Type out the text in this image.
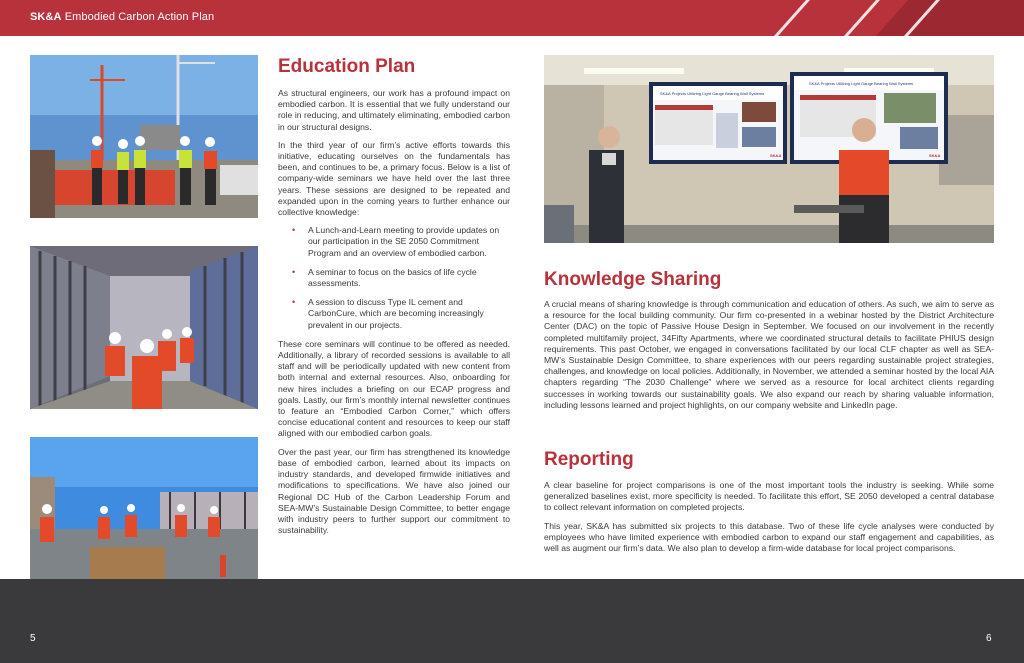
SK&A Embodied Carbon Action Plan
Education Plan

As structural engineers, our work has a profound impact on embodied carbon. It is essential that we fully understand our role in reducing, and ultimately eliminating, embodied carbon in our structural designs.

In the third year of our firm’s active efforts towards this initiative, educating ourselves on the fundamentals has been, and continues to be, a primary focus. Below is a list of company-wide seminars we have held over the last three years. These sessions are designed to be repeated and expanded upon in the coming years to further enhance our collective knowledge:

• A Lunch-and-Learn meeting to provide updates on our participation in the SE 2050 Commitment Program and an overview of embodied carbon.
• A seminar to focus on the basics of life cycle assessments.
• A session to discuss Type IL cement and CarbonCure, which are becoming increasingly prevalent in our projects.

These core seminars will continue to be offered as needed. Additionally, a library of recorded sessions is available to all staff and will be periodically updated with new content from both internal and external resources. Also, onboarding for new hires includes a briefing on our ECAP progress and goals. Lastly, our firm’s monthly internal newsletter continues to feature an “Embodied Carbon Corner,” which offers concise educational content and resources to keep our staff aligned with our embodied carbon goals.

Over the past year, our firm has strengthened its knowledge base of embodied carbon, learned about its impacts on industry standards, and developed firmwide initiatives and modifications to specifications. We have also joined our Regional DC Hub of the Carbon Leadership Forum and SEA-MW’s Sustainable Design Committee, to better engage with industry peers to further support our commitment to sustainability.

SK&A Projects Utilizing Light Gauge Bearing Wall Systems
SK&A
SK&A Projects Utilizing Light Gauge Bearing Wall Systems
SK&A
Knowledge Sharing

A crucial means of sharing knowledge is through communication and education of others. As such, we aim to serve as a resource for the local building community. Our firm co-presented in a webinar hosted by the District Architecture Center (DAC) on the topic of Passive House Design in September. We focused on our involvement in the recently completed multifamily project, 34Fifty Apartments, where we coordinated structural details to facilitate PHIUS design requirements. This past October, we engaged in conversations facilitated by our local CLF chapter as well as SEA-MW’s Sustainable Design Committee, to share experiences with our peers regarding sustainable project strategies, challenges, and knowledge on local policies. Additionally, in November, we attended a seminar hosted by the local AIA chapters regarding “The 2030 Challenge” where we served as a resource for local architect clients regarding successes in working towards our sustainability goals. We also expand our reach by sharing valuable information, including lessons learned and project highlights, on our company website and LinkedIn page.

Reporting

A clear baseline for project comparisons is one of the most important tools the industry is seeking. While some generalized baselines exist, more specificity is needed. To facilitate this effort, SE 2050 developed a central database to collect relevant information on completed projects.

This year, SK&A has submitted six projects to this database. Two of these life cycle analyses were conducted by employees who have limited experience with embodied carbon to expand our staff engagement and capabilities, as well as augment our firm’s data. We also plan to develop a firm-wide database for local project comparisons.

5	6
